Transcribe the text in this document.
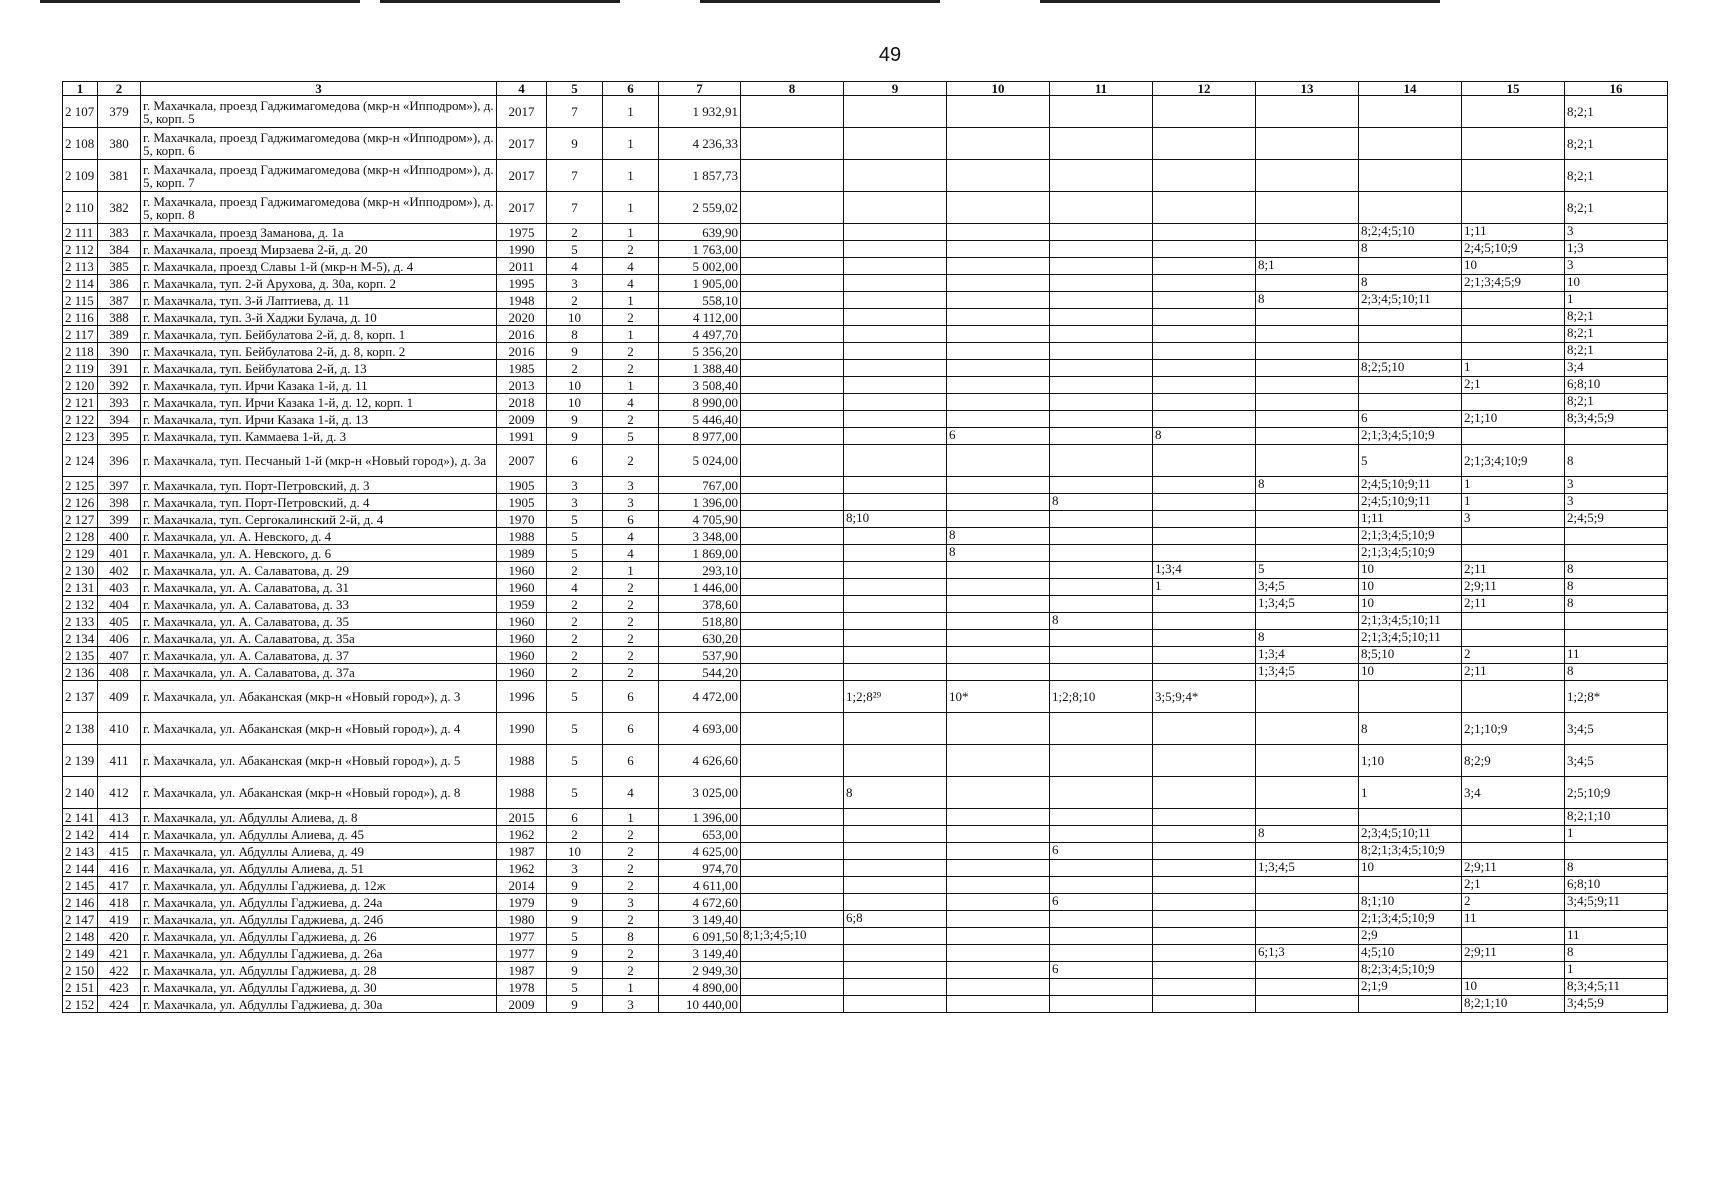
49
1	2	3	4	5	6	7	8	9	10	11	12	13	14	15	16
2 107	379	г. Махачкала, проезд Гаджимагомедова (мкр-н «Ипподром»), д. 5, корп. 5	2017	7	1	1 932,91									8;2;1
2 108	380	г. Махачкала, проезд Гаджимагомедова (мкр-н «Ипподром»), д. 5, корп. 6	2017	9	1	4 236,33									8;2;1
2 109	381	г. Махачкала, проезд Гаджимагомедова (мкр-н «Ипподром»), д. 5, корп. 7	2017	7	1	1 857,73									8;2;1
2 110	382	г. Махачкала, проезд Гаджимагомедова (мкр-н «Ипподром»), д. 5, корп. 8	2017	7	1	2 559,02									8;2;1
2 111	383	г. Махачкала, проезд Заманова, д. 1а	1975	2	1	639,90							8;2;4;5;10	1;11	3
2 112	384	г. Махачкала, проезд Мирзаева 2-й, д. 20	1990	5	2	1 763,00							8	2;4;5;10;9	1;3
2 113	385	г. Махачкала, проезд Славы 1-й (мкр-н М-5), д. 4	2011	4	4	5 002,00						8;1		10	3
2 114	386	г. Махачкала, туп. 2-й Арухова, д. 30а, корп. 2	1995	3	4	1 905,00							8	2;1;3;4;5;9	10
2 115	387	г. Махачкала, туп. 3-й Лаптиева, д. 11	1948	2	1	558,10						8	2;3;4;5;10;11		1
2 116	388	г. Махачкала, туп. 3-й Хаджи Булача, д. 10	2020	10	2	4 112,00									8;2;1
2 117	389	г. Махачкала, туп. Бейбулатова 2-й, д. 8, корп. 1	2016	8	1	4 497,70									8;2;1
2 118	390	г. Махачкала, туп. Бейбулатова 2-й, д. 8, корп. 2	2016	9	2	5 356,20									8;2;1
2 119	391	г. Махачкала, туп. Бейбулатова 2-й, д. 13	1985	2	2	1 388,40							8;2;5;10	1	3;4
2 120	392	г. Махачкала, туп. Ирчи Казака 1-й, д. 11	2013	10	1	3 508,40								2;1	6;8;10
2 121	393	г. Махачкала, туп. Ирчи Казака 1-й, д. 12, корп. 1	2018	10	4	8 990,00									8;2;1
2 122	394	г. Махачкала, туп. Ирчи Казака 1-й, д. 13	2009	9	2	5 446,40							6	2;1;10	8;3;4;5;9
2 123	395	г. Махачкала, туп. Каммаева 1-й, д. 3	1991	9	5	8 977,00			6		8		2;1;3;4;5;10;9		
2 124	396	г. Махачкала, туп. Песчаный 1-й (мкр-н «Новый город»), д. 3а	2007	6	2	5 024,00							5	2;1;3;4;10;9	8
2 125	397	г. Махачкала, туп. Порт-Петровский, д. 3	1905	3	3	767,00						8	2;4;5;10;9;11	1	3
2 126	398	г. Махачкала, туп. Порт-Петровский, д. 4	1905	3	3	1 396,00				8			2;4;5;10;9;11	1	3
2 127	399	г. Махачкала, туп. Сергокалинский 2-й, д. 4	1970	5	6	4 705,90		8;10					1;11	3	2;4;5;9
2 128	400	г. Махачкала, ул. А. Невского, д. 4	1988	5	4	3 348,00			8				2;1;3;4;5;10;9		
2 129	401	г. Махачкала, ул. А. Невского, д. 6	1989	5	4	1 869,00			8				2;1;3;4;5;10;9		
2 130	402	г. Махачкала, ул. А. Салаватова, д. 29	1960	2	1	293,10					1;3;4	5	10	2;11	8
2 131	403	г. Махачкала, ул. А. Салаватова, д. 31	1960	4	2	1 446,00					1	3;4;5	10	2;9;11	8
2 132	404	г. Махачкала, ул. А. Салаватова, д. 33	1959	2	2	378,60						1;3;4;5	10	2;11	8
2 133	405	г. Махачкала, ул. А. Салаватова, д. 35	1960	2	2	518,80				8			2;1;3;4;5;10;11		
2 134	406	г. Махачкала, ул. А. Салаватова, д. 35а	1960	2	2	630,20						8	2;1;3;4;5;10;11		
2 135	407	г. Махачкала, ул. А. Салаватова, д. 37	1960	2	2	537,90						1;3;4	8;5;10	2	11
2 136	408	г. Махачкала, ул. А. Салаватова, д. 37а	1960	2	2	544,20						1;3;4;5	10	2;11	8
2 137	409	г. Махачкала, ул. Абаканская (мкр-н «Новый город»), д. 3	1996	5	6	4 472,00		1;2;8²⁹	10*	1;2;8;10	3;5;9;4*				1;2;8*
2 138	410	г. Махачкала, ул. Абаканская (мкр-н «Новый город»), д. 4	1990	5	6	4 693,00							8	2;1;10;9	3;4;5
2 139	411	г. Махачкала, ул. Абаканская (мкр-н «Новый город»), д. 5	1988	5	6	4 626,60							1;10	8;2;9	3;4;5
2 140	412	г. Махачкала, ул. Абаканская (мкр-н «Новый город»), д. 8	1988	5	4	3 025,00		8					1	3;4	2;5;10;9
2 141	413	г. Махачкала, ул. Абдуллы Алиева, д. 8	2015	6	1	1 396,00									8;2;1;10
2 142	414	г. Махачкала, ул. Абдуллы Алиева, д. 45	1962	2	2	653,00						8	2;3;4;5;10;11		1
2 143	415	г. Махачкала, ул. Абдуллы Алиева, д. 49	1987	10	2	4 625,00				6			8;2;1;3;4;5;10;9		
2 144	416	г. Махачкала, ул. Абдуллы Алиева, д. 51	1962	3	2	974,70						1;3;4;5	10	2;9;11	8
2 145	417	г. Махачкала, ул. Абдуллы Гаджиева, д. 12ж	2014	9	2	4 611,00								2;1	6;8;10
2 146	418	г. Махачкала, ул. Абдуллы Гаджиева, д. 24а	1979	9	3	4 672,60				6			8;1;10	2	3;4;5;9;11
2 147	419	г. Махачкала, ул. Абдуллы Гаджиева, д. 24б	1980	9	2	3 149,40		6;8					2;1;3;4;5;10;9	11	
2 148	420	г. Махачкала, ул. Абдуллы Гаджиева, д. 26	1977	5	8	6 091,50	8;1;3;4;5;10						2;9		11
2 149	421	г. Махачкала, ул. Абдуллы Гаджиева, д. 26а	1977	9	2	3 149,40						6;1;3	4;5;10	2;9;11	8
2 150	422	г. Махачкала, ул. Абдуллы Гаджиева, д. 28	1987	9	2	2 949,30				6			8;2;3;4;5;10;9		1
2 151	423	г. Махачкала, ул. Абдуллы Гаджиева, д. 30	1978	5	1	4 890,00							2;1;9	10	8;3;4;5;11
2 152	424	г. Махачкала, ул. Абдуллы Гаджиева, д. 30а	2009	9	3	10 440,00								8;2;1;10	3;4;5;9
